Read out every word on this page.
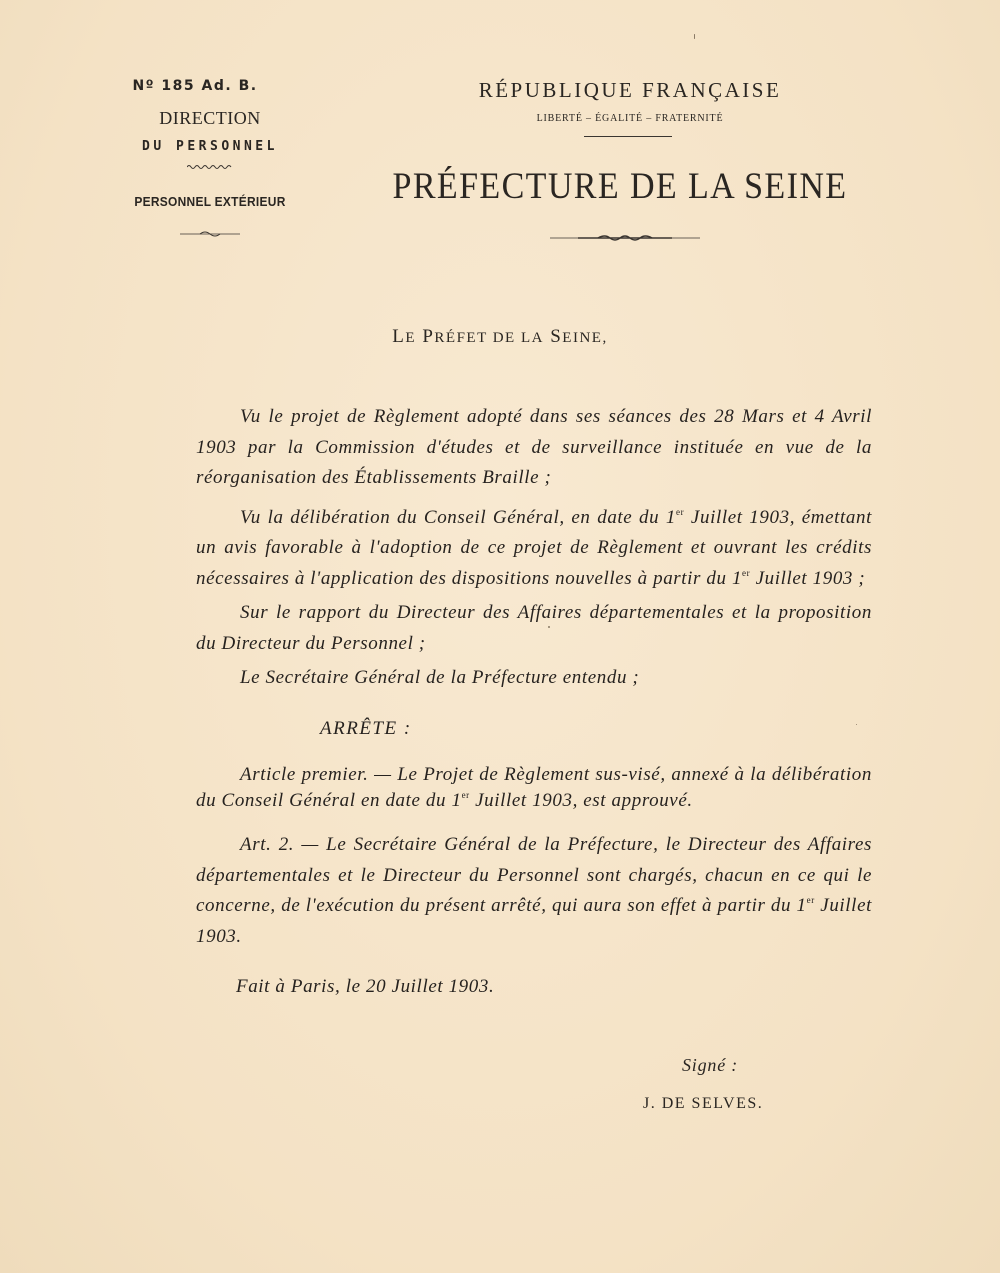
Nº 185 Ad. B.
DIRECTION
DU PERSONNEL
PERSONNEL EXTÉRIEUR
RÉPUBLIQUE FRANÇAISE
LIBERTÉ – ÉGALITÉ – FRATERNITÉ
PRÉFECTURE DE LA SEINE
LE PRÉFET DE LA SEINE,

Vu le projet de Règlement adopté dans ses séances des 28 Mars et 4 Avril 1903 par la Commission d'études et de surveillance instituée en vue de la réorganisation des Établissements Braille ;

Vu la délibération du Conseil Général, en date du 1er Juillet 1903, émettant un avis favorable à l'adoption de ce projet de Règlement et ouvrant les crédits nécessaires à l'application des dispositions nouvelles à partir du 1er Juillet 1903 ;

Sur le rapport du Directeur des Affaires départementales et la proposition du Directeur du Personnel ;

Le Secrétaire Général de la Préfecture entendu ;

ARRÊTE :

Article premier. — Le Projet de Règlement sus-visé, annexé à la délibération du Conseil Général en date du 1er Juillet 1903, est approuvé.

Art. 2. — Le Secrétaire Général de la Préfecture, le Directeur des Affaires départementales et le Directeur du Personnel sont chargés, chacun en ce qui le concerne, de l'exécution du présent arrêté, qui aura son effet à partir du 1er Juillet 1903.

Fait à Paris, le 20 Juillet 1903.

Signé :
J. DE SELVES.
